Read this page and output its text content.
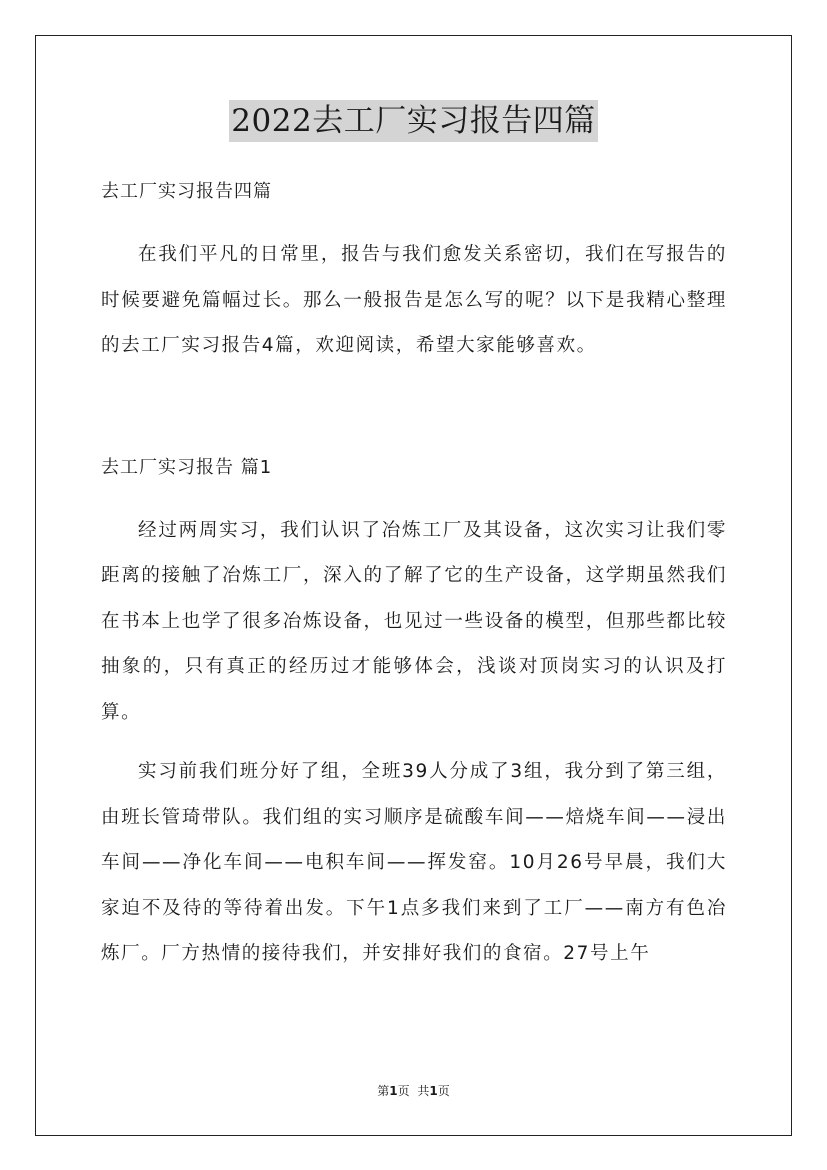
2022去工厂实习报告四篇

去工厂实习报告四篇

在我们平凡的日常里，报告与我们愈发关系密切，我们在写报告的时候要避免篇幅过长。那么一般报告是怎么写的呢？以下是我精心整理的去工厂实习报告4篇，欢迎阅读，希望大家能够喜欢。

去工厂实习报告 篇1

经过两周实习，我们认识了冶炼工厂及其设备，这次实习让我们零距离的接触了冶炼工厂，深入的了解了它的生产设备，这学期虽然我们在书本上也学了很多冶炼设备，也见过一些设备的模型，但那些都比较抽象的，只有真正的经历过才能够体会，浅谈对顶岗实习的认识及打算。

实习前我们班分好了组，全班39人分成了3组，我分到了第三组，由班长管琦带队。我们组的实习顺序是硫酸车间——焙烧车间——浸出车间——净化车间——电积车间——挥发窑。10月26号早晨，我们大家迫不及待的等待着出发。下午1点多我们来到了工厂——南方有色冶炼厂。厂方热情的接待我们，并安排好我们的食宿。27号上午

第1页 共1页
